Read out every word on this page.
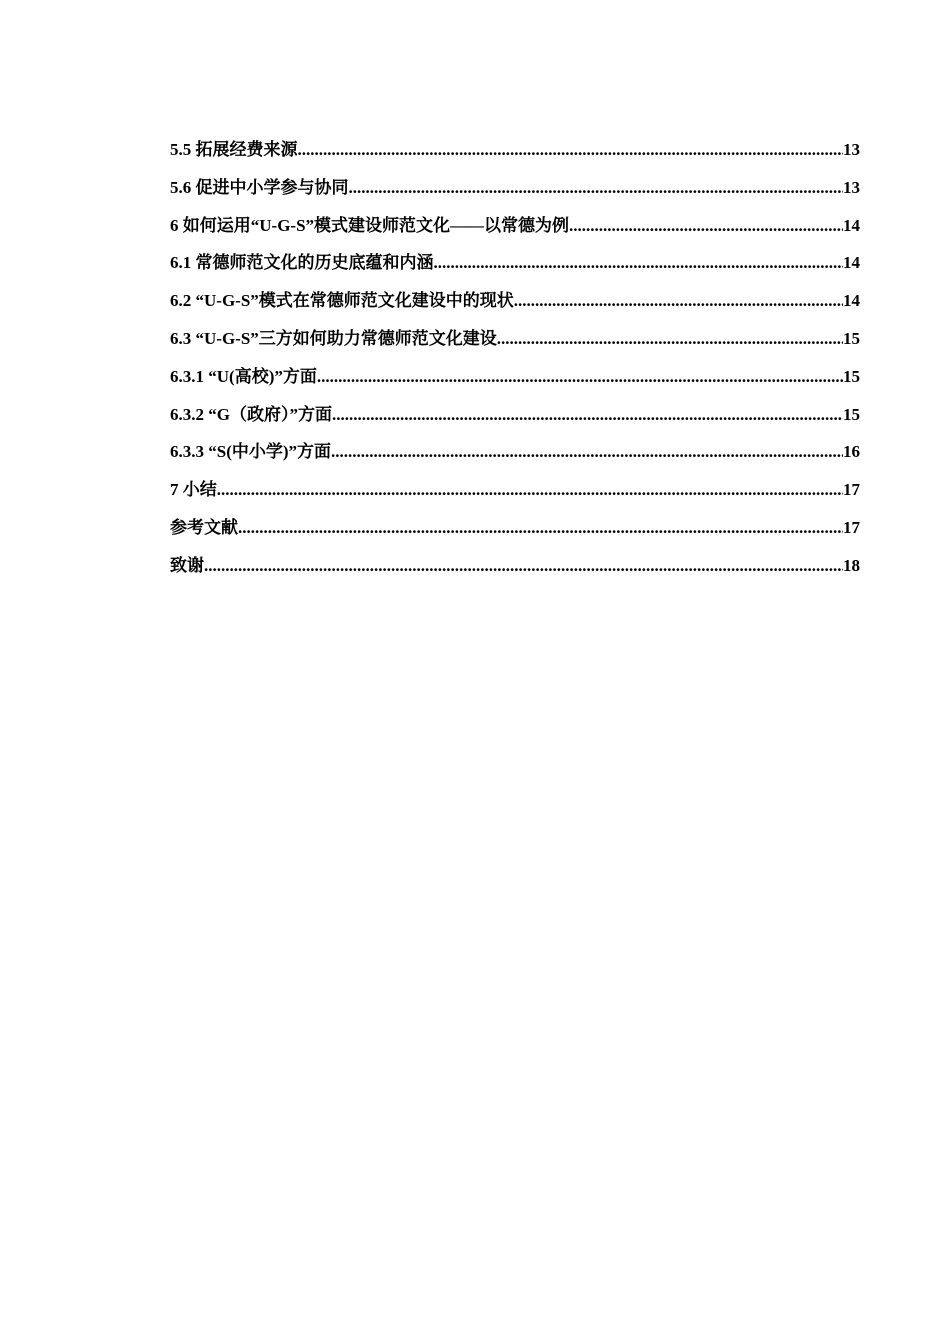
5.5 拓展经费来源 .....	13
5.6 促进中小学参与协同 .....	13
6 如何运用“U-G-S”模式建设师范文化——以常德为例 .....	14
6.1 常德师范文化的历史底蕴和内涵 .....	14
6.2 “U-G-S”模式在常德师范文化建设中的现状 .....	14
6.3 “U-G-S”三方如何助力常德师范文化建设 .....	15
6.3.1 “U(高校)”方面 .....	15
6.3.2 “G（政府）”方面 .....	15
6.3.3 “S(中小学)”方面 .....	16
7 小结 .....	17
参考文献 .....	17
致谢 .....	18
